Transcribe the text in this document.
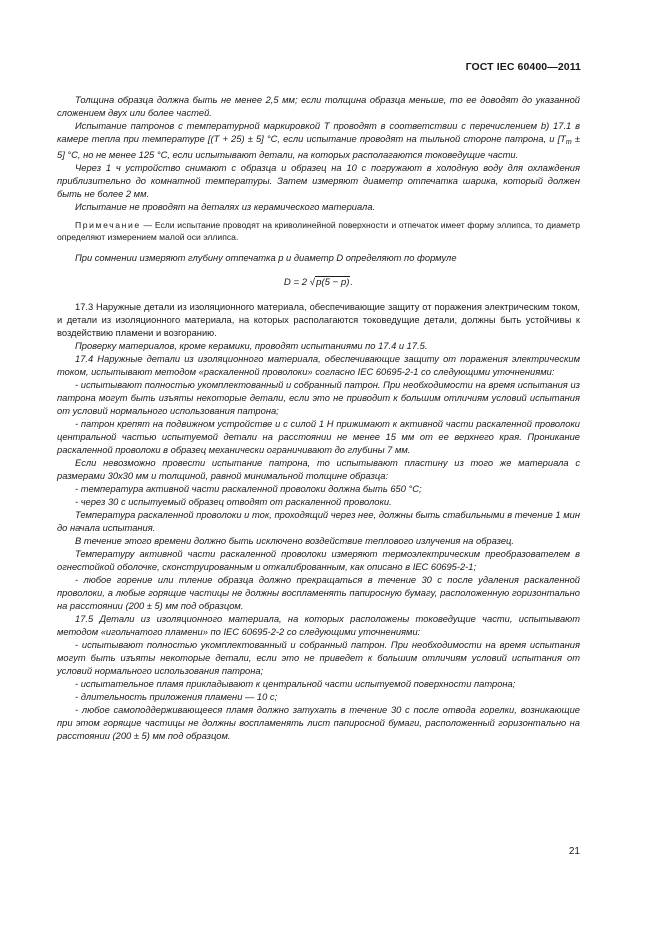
ГОСТ IEC 60400—2011

Толщина образца должна быть не менее 2,5 мм; если толщина образца меньше, то ее доводят до указанной сложением двух или более частей.

Испытание патронов с температурной маркировкой Т проводят в соответствии с перечислением b) 17.1 в камере тепла при температуре [(T + 25) ± 5] °С, если испытание проводят на тыльной стороне патрона, и $[T_m \pm 5]$ °С, но не менее 125 °С, если испытывают детали, на которых располагаются токоведущие части.

Через 1 ч устройство снимают с образца и образец на 10 с погружают в холодную воду для охлаждения приблизительно до комнатной температуры. Затем измеряют диаметр отпечатка шарика, который должен быть не более 2 мм.

Испытание не проводят на деталях из керамического материала.

Примечание — Если испытание проводят на криволинейной поверхности и отпечаток имеет форму эллипса, то диаметр определяют измерением малой оси эллипса.

При сомнении измеряют глубину отпечатка p и диаметр D определяют по формуле

D = 2 √p(5 − p).

17.3 Наружные детали из изоляционного материала, обеспечивающие защиту от поражения электрическим током, и детали из изоляционного материала, на которых располагаются токоведущие детали, должны быть устойчивы к воздействию пламени и возгоранию.

Проверку материалов, кроме керамики, проводят испытаниями по 17.4 и 17.5.

17.4 Наружные детали из изоляционного материала, обеспечивающие защиту от поражения электрическим током, испытывают методом «раскаленной проволоки» согласно IEC 60695-2-1 со следующими уточнениями:

- испытывают полностью укомплектованный и собранный патрон. При необходимости на время испытания из патрона могут быть изъяты некоторые детали, если это не приводит к большим отличиям условий испытания от условий нормального использования патрона;

- патрон крепят на подвижном устройстве и с силой 1 Н прижимают к активной части раскаленной проволоки центральной частью испытуемой детали на расстоянии не менее 15 мм от ее верхнего края. Проникание раскаленной проволоки в образец механически ограничивают до глубины 7 мм.

Если невозможно провести испытание патрона, то испытывают пластину из того же материала с размерами 30x30 мм и толщиной, равной минимальной толщине образца:

- температура активной части раскаленной проволоки должна быть 650 °С;

- через 30 с испытуемый образец отводят от раскаленной проволоки.

Температура раскаленной проволоки и ток, проходящий через нее, должны быть стабильными в течение 1 мин до начала испытания.

В течение этого времени должно быть исключено воздействие теплового излучения на образец.

Температуру активной части раскаленной проволоки измеряют термоэлектрическим преобразователем в огнестойкой оболочке, сконструированным и откалиброванным, как описано в IEC 60695-2-1;

- любое горение или тление образца должно прекращаться в течение 30 с после удаления раскаленной проволоки, а любые горящие частицы не должны воспламенять папиросную бумагу, расположенную горизонтально на расстоянии (200 ± 5) мм под образцом.

17.5 Детали из изоляционного материала, на которых расположены токоведущие части, испытывают методом «игольчатого пламени» по IEC 60695-2-2 со следующими уточнениями:

- испытывают полностью укомплектованный и собранный патрон. При необходимости на время испытания могут быть изъяты некоторые детали, если это не приведет к большим отличиям условий испытания от условий нормального использования патрона;

- испытательное пламя прикладывают к центральной части испытуемой поверхности патрона;

- длительность приложения пламени — 10 с;

- любое самоподдерживающееся пламя должно затухать в течение 30 с после отвода горелки, возникающие при этом горящие частицы не должны воспламенять лист папиросной бумаги, расположенный горизонтально на расстоянии (200 ± 5) мм под образцом.

21
